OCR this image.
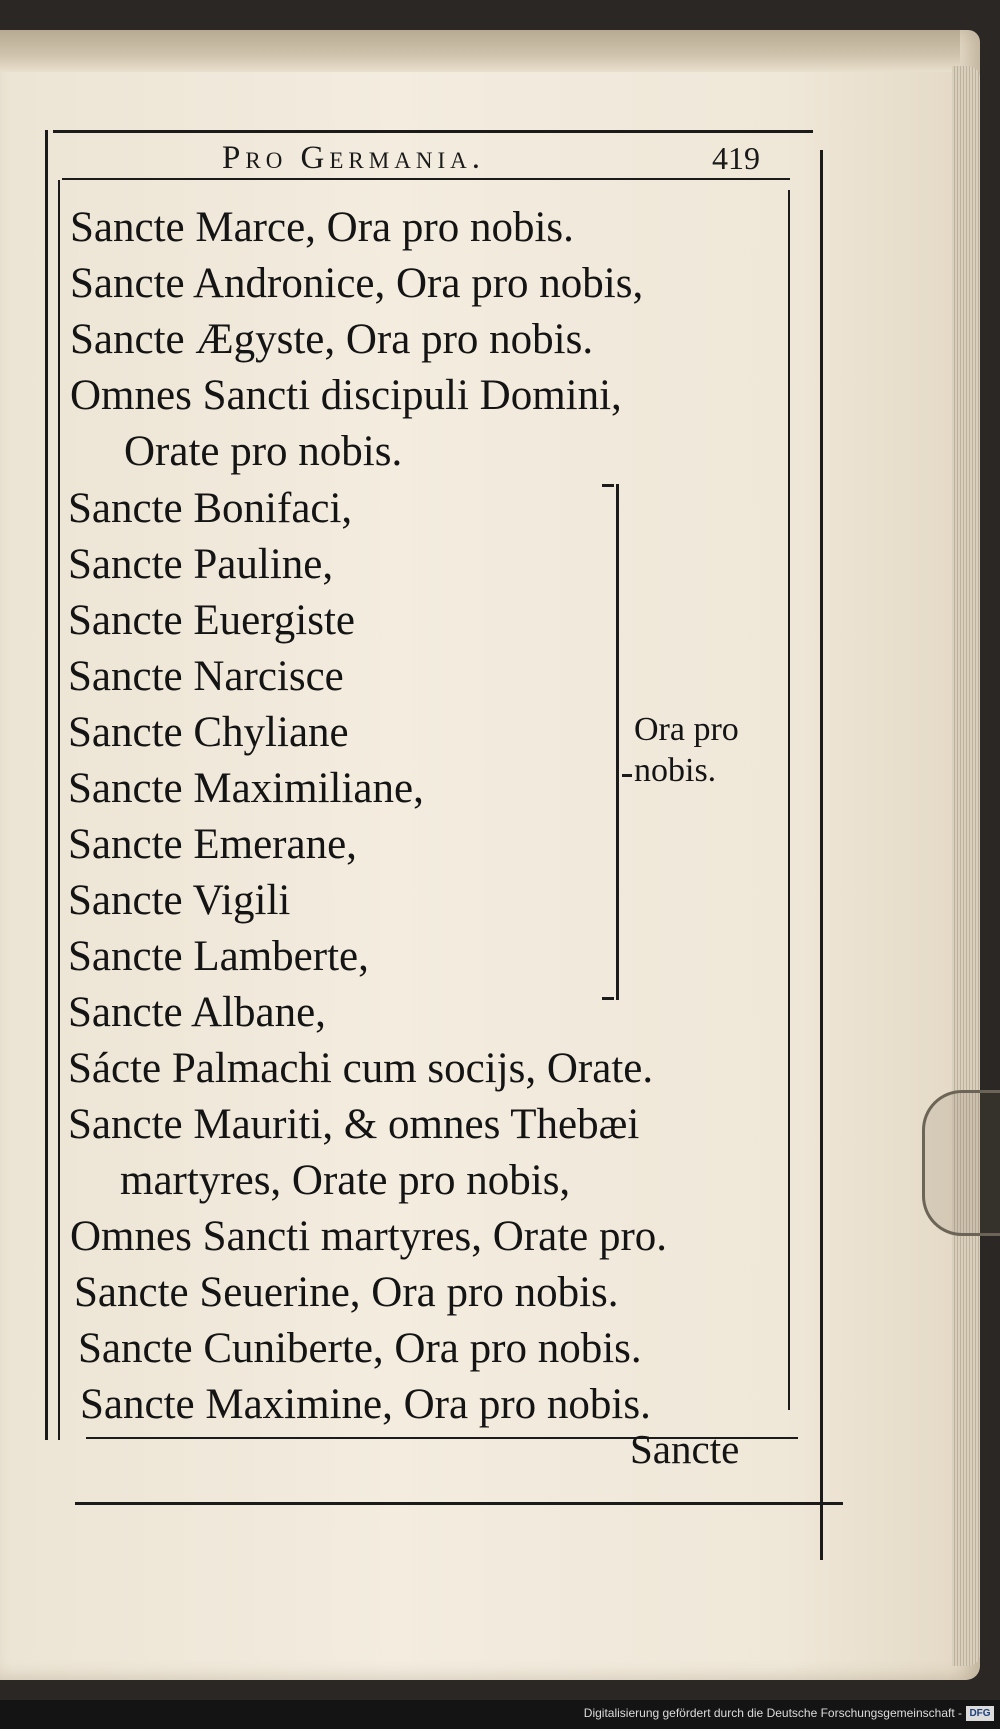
Pro Germania.	419
Sancte Marce, Ora pro nobis.
Sancte Andronice, Ora pro nobis,
Sancte Ægyste, Ora pro nobis.
Omnes Sancti discipuli Domini,
Orate pro nobis.
Sancte Bonifaci,
Sancte Pauline,
Sancte Euergiste
Sancte Narcisce
Sancte Chyliane
Sancte Maximiliane,
Sancte Emerane,
Sancte Vigili
Sancte Lamberte,
Sancte Albane,
Sácte Palmachi cum socijs, Orate.
Sancte Mauriti, & omnes Thebæi
martyres, Orate pro nobis,
Omnes Sancti martyres, Orate pro.
Sancte Seuerine, Ora pro nobis.
Sancte Cuniberte, Ora pro nobis.
Sancte Maximine, Ora pro nobis.
Ora pro
nobis.
Sancte
Digitalisierung gefördert durch die Deutsche Forschungsgemeinschaft - DFG
